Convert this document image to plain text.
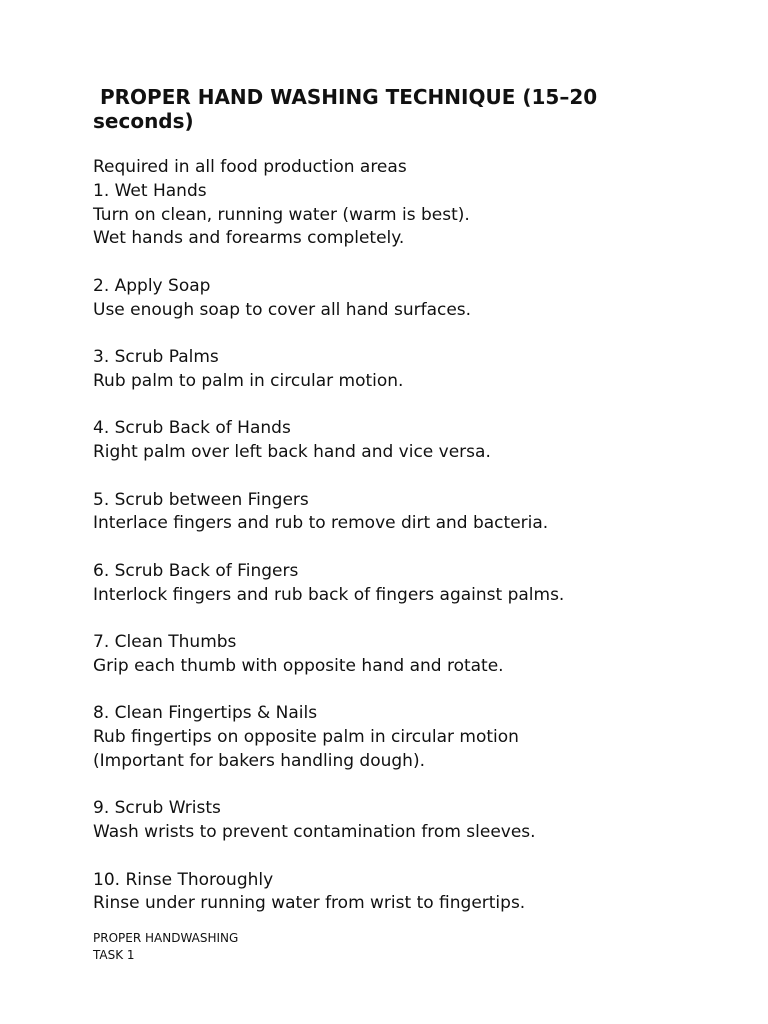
PROPER HAND WASHING TECHNIQUE (15–20 seconds)
Required in all food production areas
1. Wet Hands
Turn on clean, running water (warm is best).
Wet hands and forearms completely.
2. Apply Soap
Use enough soap to cover all hand surfaces.
3. Scrub Palms
Rub palm to palm in circular motion.
4. Scrub Back of Hands
Right palm over left back hand and vice versa.
5. Scrub between Fingers
Interlace fingers and rub to remove dirt and bacteria.
6. Scrub Back of Fingers
Interlock fingers and rub back of fingers against palms.
7. Clean Thumbs
Grip each thumb with opposite hand and rotate.
8. Clean Fingertips & Nails
Rub fingertips on opposite palm in circular motion
(Important for bakers handling dough).
9. Scrub Wrists
Wash wrists to prevent contamination from sleeves.
10. Rinse Thoroughly
Rinse under running water from wrist to fingertips.
PROPER HANDWASHING
TASK 1
